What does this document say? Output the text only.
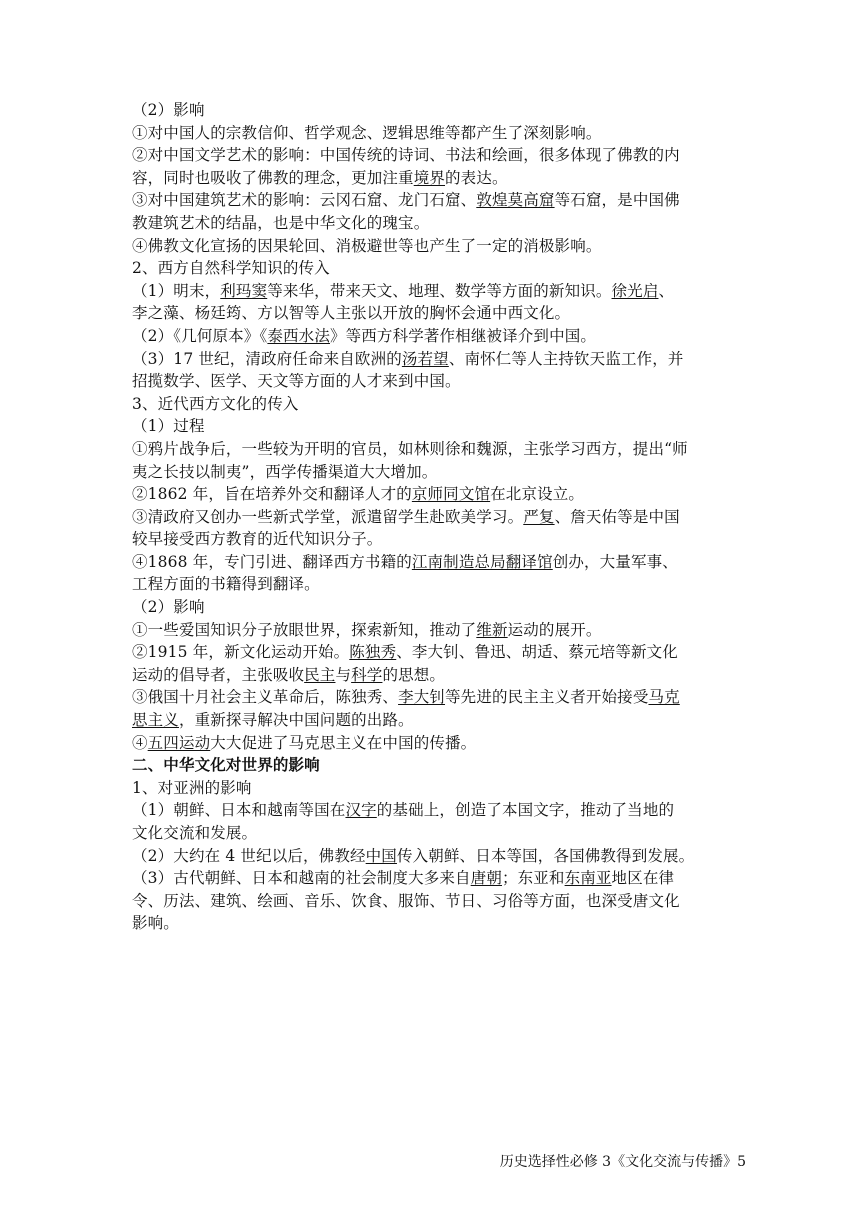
（2）影响

①对中国人的宗教信仰、哲学观念、逻辑思维等都产生了深刻影响。

②对中国文学艺术的影响：中国传统的诗词、书法和绘画，很多体现了佛教的内

容，同时也吸收了佛教的理念，更加注重境界的表达。

③对中国建筑艺术的影响：云冈石窟、龙门石窟、敦煌莫高窟等石窟，是中国佛

教建筑艺术的结晶，也是中华文化的瑰宝。

④佛教文化宣扬的因果轮回、消极避世等也产生了一定的消极影响。

2、西方自然科学知识的传入

（1）明末，利玛窦等来华，带来天文、地理、数学等方面的新知识。徐光启、

李之藻、杨廷筠、方以智等人主张以开放的胸怀会通中西文化。

（2）《几何原本》《泰西水法》等西方科学著作相继被译介到中国。

（3）17 世纪，清政府任命来自欧洲的汤若望、南怀仁等人主持钦天监工作，并

招揽数学、医学、天文等方面的人才来到中国。

3、近代西方文化的传入

（1）过程

①鸦片战争后，一些较为开明的官员，如林则徐和魏源，主张学习西方，提出“师

夷之长技以制夷”，西学传播渠道大大增加。

②1862 年，旨在培养外交和翻译人才的京师同文馆在北京设立。

③清政府又创办一些新式学堂，派遣留学生赴欧美学习。严复、詹天佑等是中国

较早接受西方教育的近代知识分子。

④1868 年，专门引进、翻译西方书籍的江南制造总局翻译馆创办，大量军事、

工程方面的书籍得到翻译。

（2）影响

①一些爱国知识分子放眼世界，探索新知，推动了维新运动的展开。

②1915 年，新文化运动开始。陈独秀、李大钊、鲁迅、胡适、蔡元培等新文化

运动的倡导者，主张吸收民主与科学的思想。

③俄国十月社会主义革命后，陈独秀、李大钊等先进的民主主义者开始接受马克

思主义，重新探寻解决中国问题的出路。

④五四运动大大促进了马克思主义在中国的传播。

二、中华文化对世界的影响

1、对亚洲的影响

（1）朝鲜、日本和越南等国在汉字的基础上，创造了本国文字，推动了当地的

文化交流和发展。

（2）大约在 4 世纪以后，佛教经中国传入朝鲜、日本等国，各国佛教得到发展。

（3）古代朝鲜、日本和越南的社会制度大多来自唐朝；东亚和东南亚地区在律

令、历法、建筑、绘画、音乐、饮食、服饰、节日、习俗等方面，也深受唐文化

影响。

历史选择性必修 3《文化交流与传播》5
